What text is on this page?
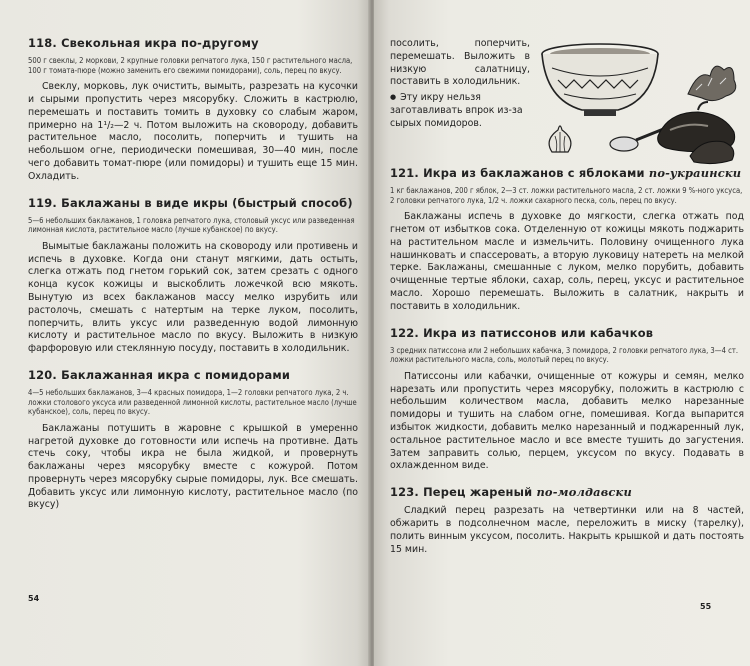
118. Свекольная икра по-другому

500 г свеклы, 2 моркови, 2 крупные головки репчатого лука, 150 г растительного масла, 100 г томата-пюре (можно заменить его свежими помидорами), соль, перец по вкусу.

Свеклу, морковь, лук очистить, вымыть, разрезать на кусочки и сырыми пропустить через мясорубку. Сложить в кастрюлю, перемешать и поставить томить в духовку со слабым жаром, примерно на 1¹/₂—2 ч. Потом выложить на сковороду, добавить растительное масло, посолить, поперчить и тушить на небольшом огне, периодически помешивая, 30—40 мин, после чего добавить томат-пюре (или помидоры) и тушить еще 15 мин. Охладить.

119. Баклажаны в виде икры (быстрый способ)

5—6 небольших баклажанов, 1 головка репчатого лука, столовый уксус или разведенная лимонная кислота, растительное масло (лучше кубанское) по вкусу.

Вымытые баклажаны положить на сковороду или противень и испечь в духовке. Когда они станут мягкими, дать остыть, слегка отжать под гнетом горький сок, затем срезать с одного конца кусок кожицы и выскоблить ложечкой всю мякоть. Вынутую из всех баклажанов массу мелко изрубить или растолочь, смешать с натертым на терке луком, посолить, поперчить, влить уксус или разведенную водой лимонную кислоту и растительное масло по вкусу. Выложить в низкую фарфоровую или стеклянную посуду, поставить в холодильник.

120. Баклажанная икра с помидорами

4—5 небольших баклажанов, 3—4 красных помидора, 1—2 головки репчатого лука, 2 ч. ложки столового уксуса или разведенной лимонной кислоты, растительное масло (лучше кубанское), соль, перец по вкусу.

Баклажаны потушить в жаровне с крышкой в умеренно нагретой духовке до готовности или испечь на противне. Дать стечь соку, чтобы икра не была жидкой, и провернуть баклажаны через мясорубку вместе с кожурой. Потом провернуть через мясорубку сырые помидоры, лук. Все смешать. Добавить уксус или лимонную кислоту, растительное масло (по вкусу)

54

посолить, поперчить, перемешать. Выложить в низкую салатницу, поставить в холодильник.

● Эту икру нельзя заготавливать впрок из-за сырых помидоров.

121. Икра из баклажанов с яблоками по-украински

1 кг баклажанов, 200 г яблок, 2—3 ст. ложки растительного масла, 2 ст. ложки 9 %-ного уксуса, 2 головки репчатого лука, 1/2 ч. ложки сахарного песка, соль, перец по вкусу.

Баклажаны испечь в духовке до мягкости, слегка отжать под гнетом от избытков сока. Отделенную от кожицы мякоть поджарить на растительном масле и измельчить. Половину очищенного лука нашинковать и спассеровать, а вторую луковицу натереть на мелкой терке. Баклажаны, смешанные с луком, мелко порубить, добавить очищенные тертые яблоки, сахар, соль, перец, уксус и растительное масло. Хорошо перемешать. Выложить в салатник, накрыть и поставить в холодильник.

122. Икра из патиссонов или кабачков

3 средних патиссона или 2 небольших кабачка, 3 помидора, 2 головки репчатого лука, 3—4 ст. ложки растительного масла, соль, молотый перец по вкусу.

Патиссоны или кабачки, очищенные от кожуры и семян, мелко нарезать или пропустить через мясорубку, положить в кастрюлю с небольшим количеством масла, добавить мелко нарезанные помидоры и тушить на слабом огне, помешивая. Когда выпарится избыток жидкости, добавить мелко нарезанный и поджаренный лук, остальное растительное масло и все вместе тушить до загустения. Затем заправить солью, перцем, уксусом по вкусу. Подавать в охлажденном виде.

123. Перец жареный по-молдавски

Сладкий перец разрезать на четвертинки или на 8 частей, обжарить в подсолнечном масле, переложить в миску (тарелку), полить винным уксусом, посолить. Накрыть крышкой и дать постоять 15 мин.

55
